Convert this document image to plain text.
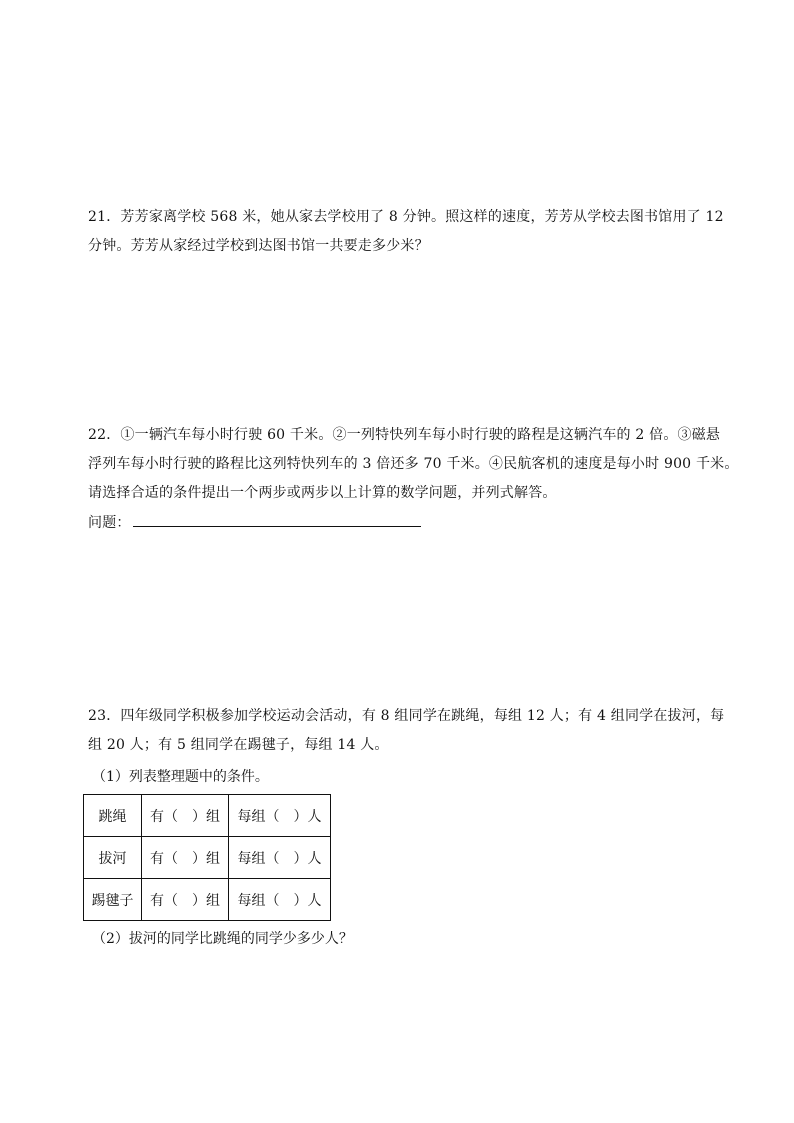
21．芳芳家离学校 568 米，她从家去学校用了 8 分钟。照这样的速度，芳芳从学校去图书馆用了 12
分钟。芳芳从家经过学校到达图书馆一共要走多少米？
22．①一辆汽车每小时行驶 60 千米。②一列特快列车每小时行驶的路程是这辆汽车的 2 倍。③磁悬
浮列车每小时行驶的路程比这列特快列车的 3 倍还多 70 千米。④民航客机的速度是每小时 900 千米。
请选择合适的条件提出一个两步或两步以上计算的数学问题，并列式解答。
问题：
23．四年级同学积极参加学校运动会活动，有 8 组同学在跳绳，每组 12 人；有 4 组同学在拔河，每
组 20 人；有 5 组同学在踢毽子，每组 14 人。
（1）列表整理题中的条件。
跳绳	有（　）组	每组（　）人
拔河	有（　）组	每组（　）人
踢毽子	有（　）组	每组（　）人
（2）拔河的同学比跳绳的同学少多少人？
